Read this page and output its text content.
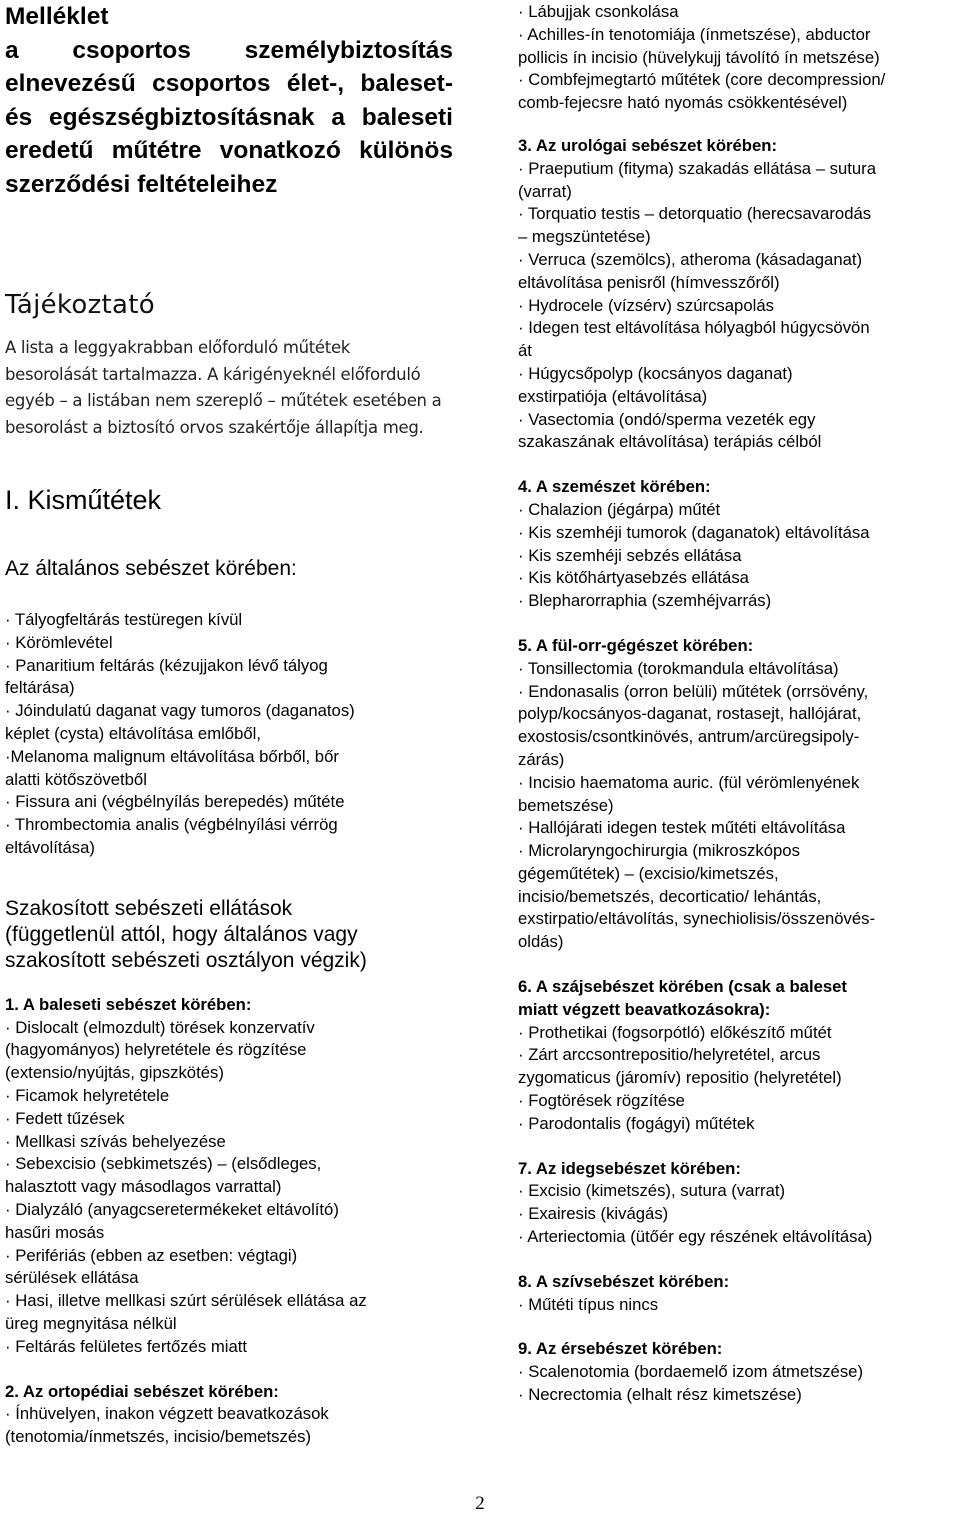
Melléklet
a csoportos személybiztosítás
elnevezésű csoportos élet-, baleset-
és egészségbiztosításnak a baleseti
eredetű műtétre vonatkozó különös
szerződési feltételeihez
Tájékoztató
A lista a leggyakrabban előforduló műtétek
besorolását tartalmazza. A kárigényeknél előforduló
egyéb – a listában nem szereplő – műtétek esetében a
besorolást a biztosító orvos szakértője állapítja meg.
I. Kisműtétek
Az általános sebészet körében:
· Tályogfeltárás testüregen kívül
· Körömlevétel
· Panaritium feltárás (kézujjakon lévő tályog
feltárása)
· Jóindulatú daganat vagy tumoros (daganatos)
képlet (cysta) eltávolítása emlőből,
·Melanoma malignum eltávolítása bőrből, bőr
alatti kötőszövetből
· Fissura ani (végbélnyílás berepedés) műtéte
· Thrombectomia analis (végbélnyílási vérrög
eltávolítása)
Szakosított sebészeti ellátások
(függetlenül attól, hogy általános vagy
szakosított sebészeti osztályon végzik)
1. A baleseti sebészet körében:
· Dislocalt (elmozdult) törések konzervatív
(hagyományos) helyretétele és rögzítése
(extensio/nyújtás, gipszkötés)
· Ficamok helyretétele
· Fedett tűzések
· Mellkasi szívás behelyezése
· Sebexcisio (sebkimetszés) – (elsődleges,
halasztott vagy másodlagos varrattal)
· Dialyzáló (anyagcseretermékeket eltávolító)
hasűri mosás
· Perifériás (ebben az esetben: végtagi)
sérülések ellátása
· Hasi, illetve mellkasi szúrt sérülések ellátása az
üreg megnyitása nélkül
· Feltárás felületes fertőzés miatt
2. Az ortopédiai sebészet körében:
· Ínhüvelyen, inakon végzett beavatkozások
(tenotomia/ínmetszés, incisio/bemetszés)
· Lábujjak csonkolása
· Achilles-ín tenotomiája (ínmetszése), abductor
pollicis ín incisio (hüvelykujj távolító ín metszése)
· Combfejmegtartó műtétek (core decompression/
comb-fejecsre ható nyomás csökkentésével)
3. Az urológai sebészet körében:
· Praeputium (fityma) szakadás ellátása – sutura
(varrat)
· Torquatio testis – detorquatio (herecsavarodás
– megszüntetése)
· Verruca (szemölcs), atheroma (kásadaganat)
eltávolítása penisről (hímvesszőről)
· Hydrocele (vízsérv) szúrcsapolás
· Idegen test eltávolítása hólyagból húgycsövön
át
· Húgycsőpolyp (kocsányos daganat)
exstirpatiója (eltávolítása)
· Vasectomia (ondó/sperma vezeték egy
szakaszának eltávolítása) terápiás célból
4. A szemészet körében:
· Chalazion (jégárpa) műtét
· Kis szemhéji tumorok (daganatok) eltávolítása
· Kis szemhéji sebzés ellátása
· Kis kötőhártyasebzés ellátása
· Blepharorraphia (szemhéjvarrás)
5. A fül-orr-gégészet körében:
· Tonsillectomia (torokmandula eltávolítása)
· Endonasalis (orron belüli) műtétek (orrsövény,
polyp/kocsányos-daganat, rostasejt, hallójárat,
exostosis/csontkinövés, antrum/arcüregsipoly-
zárás)
· Incisio haematoma auric. (fül vérömlenyének
bemetszése)
· Hallójárati idegen testek műtéti eltávolítása
· Microlaryngochirurgia (mikroszkópos
gégeműtétek) – (excisio/kimetszés,
incisio/bemetszés, decorticatio/ lehántás,
exstirpatio/eltávolítás, synechiolisis/összenövés-
oldás)
6. A szájsebészet körében (csak a baleset
miatt végzett beavatkozásokra):
· Prothetikai (fogsorpótló) előkészítő műtét
· Zárt arccsontrepositio/helyretétel, arcus
zygomaticus (járomív) repositio (helyretétel)
· Fogtörések rögzítése
· Parodontalis (fogágyi) műtétek
7. Az idegsebészet körében:
· Excisio (kimetszés), sutura (varrat)
· Exairesis (kivágás)
· Arteriectomia (ütőér egy részének eltávolítása)
8. A szívsebészet körében:
· Műtéti típus nincs
9. Az érsebészet körében:
· Scalenotomia (bordaemelő izom átmetszése)
· Necrectomia (elhalt rész kimetszése)
2
